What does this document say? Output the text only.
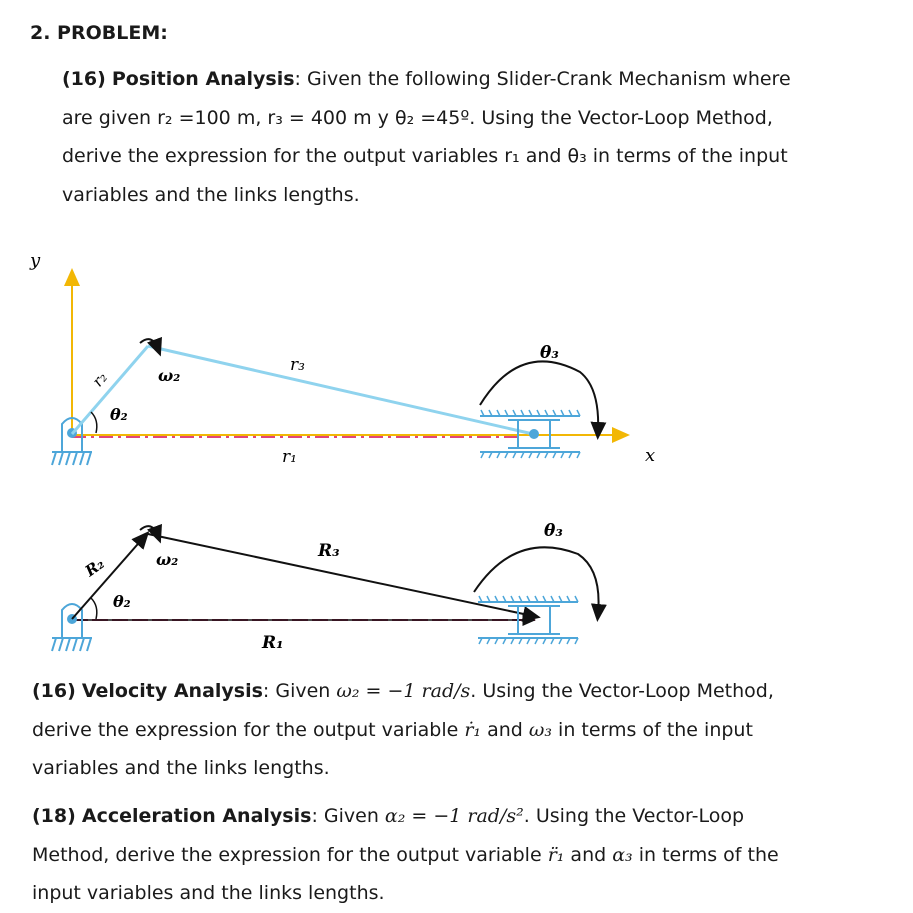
2. PROBLEM:
(16) Position Analysis: Given the following Slider-Crank Mechanism where
are given r₂ =100 m, r₃ = 400 m y θ₂ =45º. Using the Vector-Loop Method,
derive the expression for the output variables r₁ and θ₃ in terms of the input
variables and the links lengths.
y
x
r₂
θ₂
ω₂
r₃
r₁
θ₃
R₂
θ₂
ω₂	R₃
R₁
θ₃
(16) Velocity Analysis: Given ω₂ = −1 rad/s. Using the Vector-Loop Method,
derive the expression for the output variable ṙ₁ and ω₃ in terms of the input
variables and the links lengths.
(18) Acceleration Analysis: Given α₂ = −1 rad/s². Using the Vector-Loop
Method, derive the expression for the output variable r̈₁ and α₃ in terms of the
input variables and the links lengths.
